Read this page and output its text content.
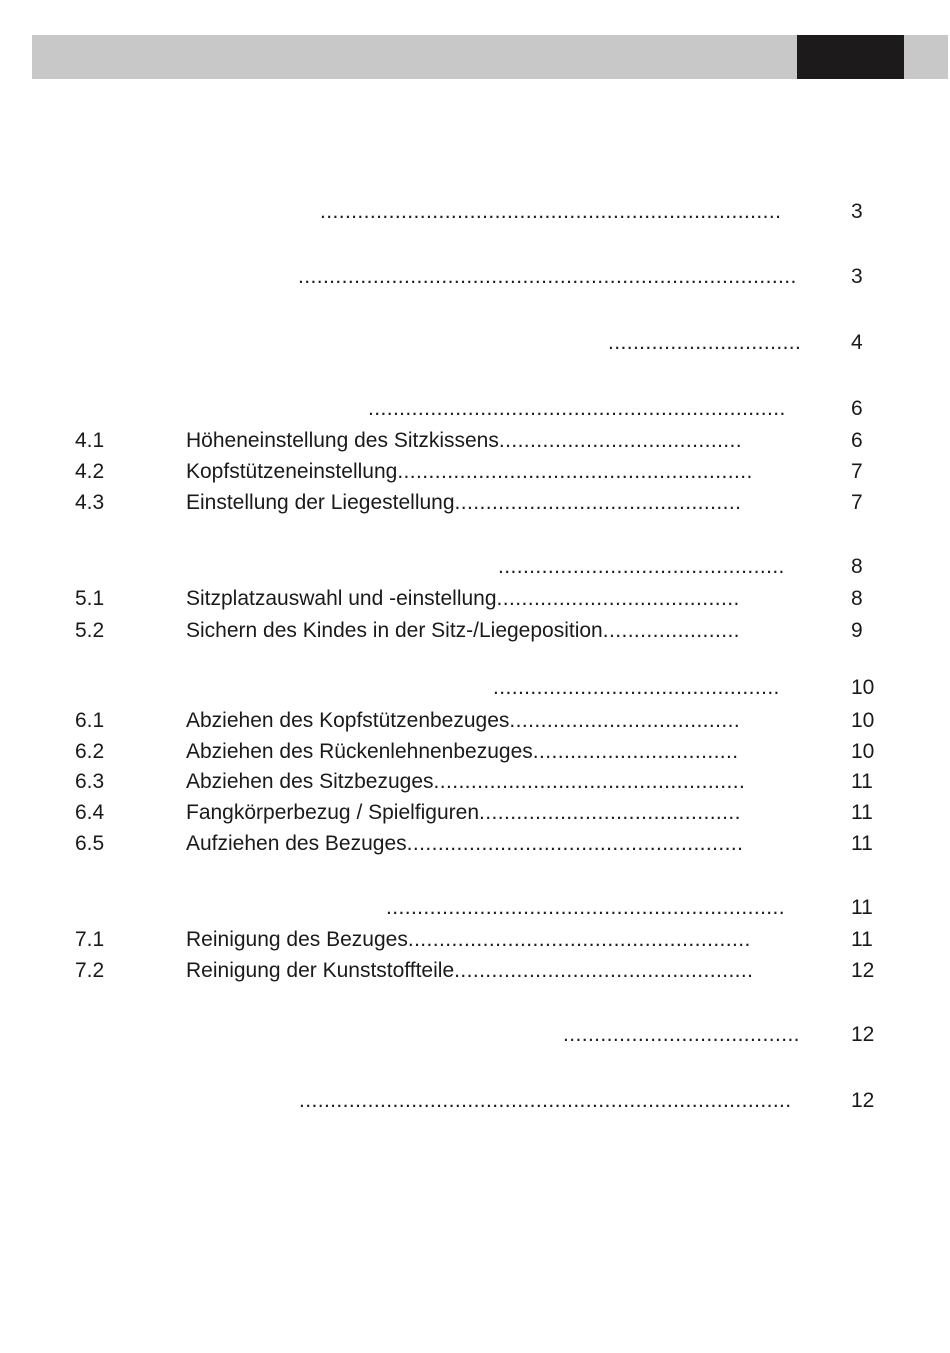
..........................................................................	3
................................................................................	3
...............................	4
...................................................................	6
4.1	Höheneinstellung des Sitzkissens.......................................	6
4.2	Kopfstützeneinstellung.........................................................	7
4.3	Einstellung der Liegestellung..............................................	7
..............................................	8
5.1	Sitzplatzauswahl und -einstellung.......................................	8
5.2	Sichern des Kindes in der Sitz-/Liegeposition......................	9
..............................................	10
6.1	Abziehen des Kopfstützenbezuges.....................................	10
6.2	Abziehen des Rückenlehnenbezuges.................................	10
6.3	Abziehen des Sitzbezuges..................................................	11
6.4	Fangkörperbezug / Spielfiguren..........................................	11
6.5	Aufziehen des Bezuges......................................................	11
................................................................	11
7.1	Reinigung des Bezuges.......................................................	11
7.2	Reinigung der Kunststoffteile................................................	12
......................................	12
...............................................................................	12
